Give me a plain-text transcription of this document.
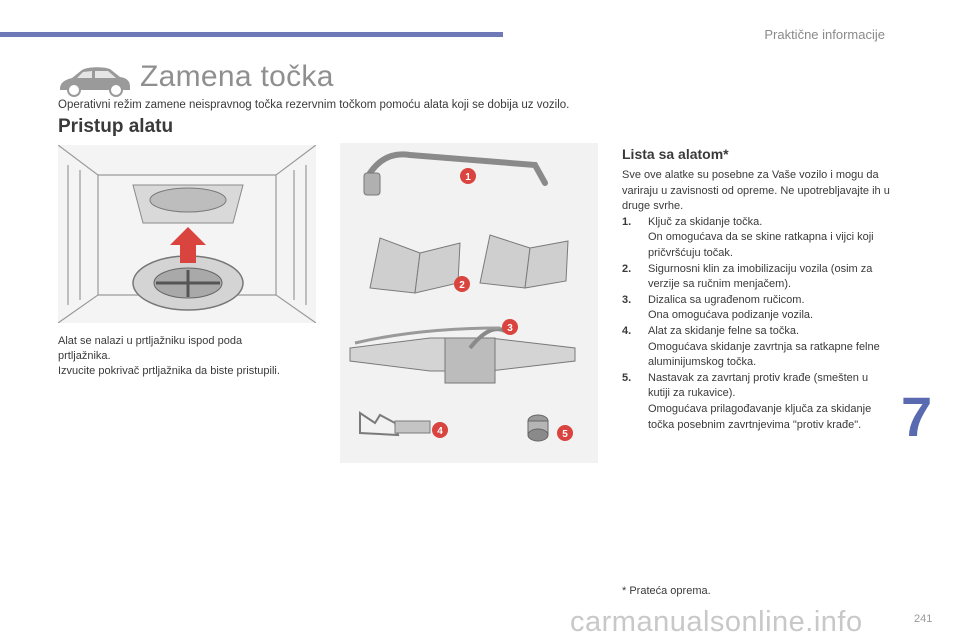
Praktične informacije
Zamena točka
Operativni režim zamene neispravnog točka rezervnim točkom pomoću alata koji se dobija uz vozilo.
Pristup alatu

Alat se nalazi u prtljažniku ispod poda

prtljažnika.

Izvucite pokrivač prtljažnika da biste pristupili.

1
2
3
4	5
Lista sa alatom*

Sve ove alatke su posebne za Vaše vozilo i mogu da variraju u zavisnosti od opreme. Ne upotrebljavajte ih u druge svrhe.

1.	Ključ za skidanje točka.

On omogućava da se skine ratkapna i vijci koji pričvršćuju točak.

2.	Sigurnosni klin za imobilizaciju vozila (osim za verzije sa ručnim menjačem).

3.	Dizalica sa ugrađenom ručicom.

Ona omogućava podizanje vozila.

4.	Alat za skidanje felne sa točka.

Omogućava skidanje zavrtnja sa ratkapne felne aluminijumskog točka.

5.	Nastavak za zavrtanj protiv krađe (smešten u kutiji za rukavice).

Omogućava prilagođavanje ključa za skidanje točka posebnim zavrtnjevima "protiv krađe".

* Prateća oprema.
7
carmanualsonline.info	241
